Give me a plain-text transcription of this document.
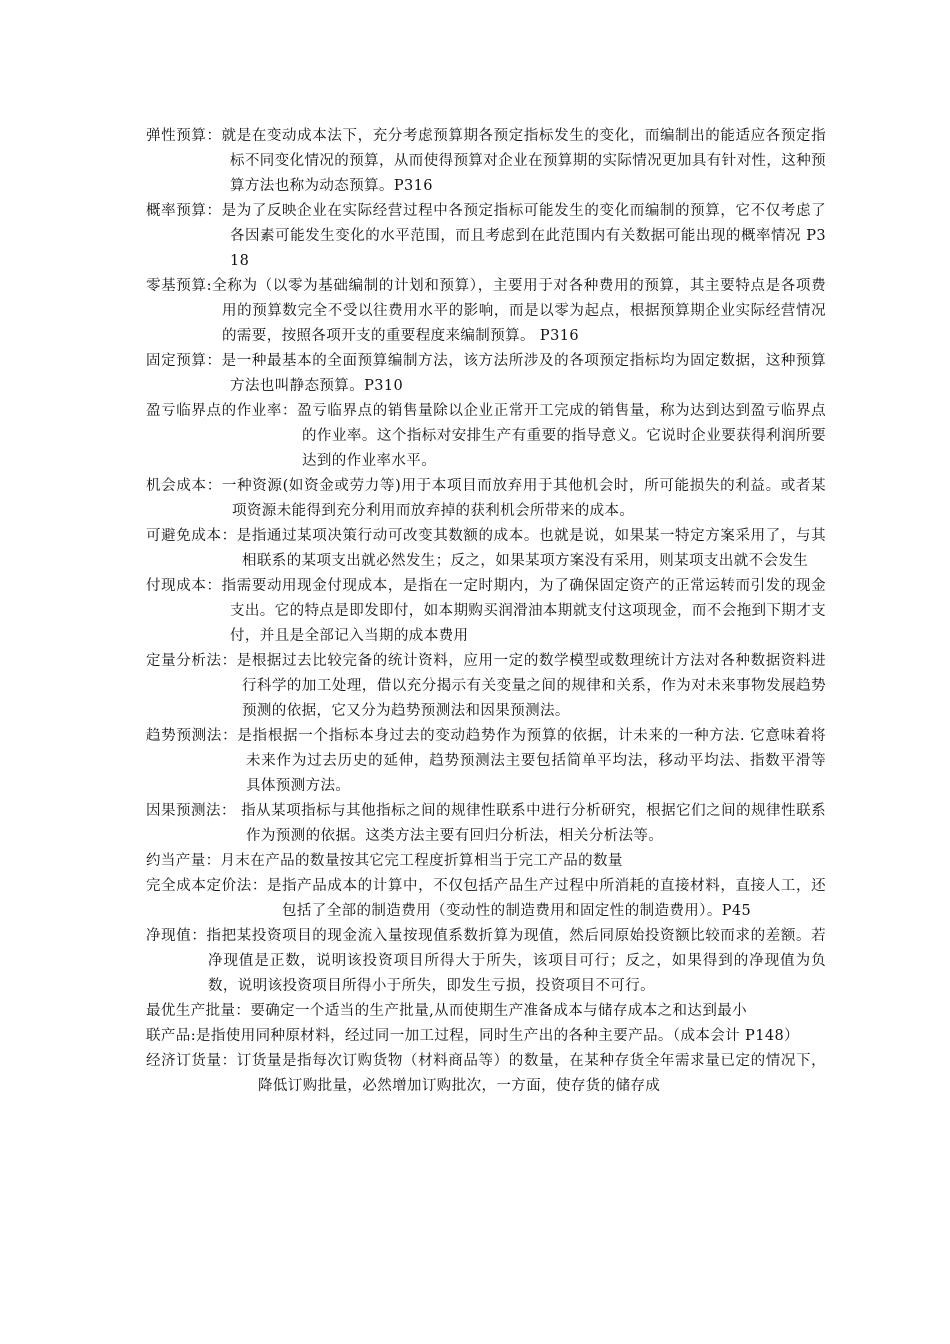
弹性预算：就是在变动成本法下，充分考虑预算期各预定指标发生的变化，而编制出的能适应各预定指标不同变化情况的预算，从而使得预算对企业在预算期的实际情况更加具有针对性，这种预算方法也称为动态预算。P316
概率预算：是为了反映企业在实际经营过程中各预定指标可能发生的变化而编制的预算，它不仅考虑了各因素可能发生变化的水平范围，而且考虑到在此范围内有关数据可能出现的概率情况 P318
零基预算:全称为（以零为基础编制的计划和预算），主要用于对各种费用的预算，其主要特点是各项费用的预算数完全不受以往费用水平的影响，而是以零为起点，根据预算期企业实际经营情况的需要，按照各项开支的重要程度来编制预算。 P316
固定预算：是一种最基本的全面预算编制方法，该方法所涉及的各项预定指标均为固定数据，这种预算方法也叫静态预算。P310
盈亏临界点的作业率：盈亏临界点的销售量除以企业正常开工完成的销售量，称为达到达到盈亏临界点的作业率。这个指标对安排生产有重要的指导意义。它说时企业要获得利润所要达到的作业率水平。
机会成本：一种资源(如资金或劳力等)用于本项目而放弃用于其他机会时，所可能损失的利益。或者某项资源未能得到充分利用而放弃掉的获利机会所带来的成本。
可避免成本：是指通过某项决策行动可改变其数额的成本。也就是说，如果某一特定方案采用了，与其相联系的某项支出就必然发生；反之，如果某项方案没有采用，则某项支出就不会发生
付现成本：指需要动用现金付现成本，是指在一定时期内，为了确保固定资产的正常运转而引发的现金支出。它的特点是即发即付，如本期购买润滑油本期就支付这项现金，而不会拖到下期才支付，并且是全部记入当期的成本费用
定量分析法：是根据过去比较完备的统计资料，应用一定的数学模型或数理统计方法对各种数据资料进行科学的加工处理，借以充分揭示有关变量之间的规律和关系，作为对未来事物发展趋势预测的依据，它又分为趋势预测法和因果预测法。
趋势预测法：是指根据一个指标本身过去的变动趋势作为预算的依据，计未来的一种方法. 它意味着将未来作为过去历史的延伸，趋势预测法主要包括简单平均法，移动平均法、指数平滑等具体预测方法。
因果预测法： 指从某项指标与其他指标之间的规律性联系中进行分析研究，根据它们之间的规律性联系作为预测的依据。这类方法主要有回归分析法，相关分析法等。
约当产量：月末在产品的数量按其它完工程度折算相当于完工产品的数量
完全成本定价法：是指产品成本的计算中，不仅包括产品生产过程中所消耗的直接材料，直接人工，还包括了全部的制造费用（变动性的制造费用和固定性的制造费用）。P45
净现值：指把某投资项目的现金流入量按现值系数折算为现值，然后同原始投资额比较而求的差额。若净现值是正数，说明该投资项目所得大于所失，该项目可行；反之，如果得到的净现值为负数，说明该投资项目所得小于所失，即发生亏损，投资项目不可行。
最优生产批量：要确定一个适当的生产批量,从而使期生产准备成本与储存成本之和达到最小
联产品:是指使用同种原材料，经过同一加工过程，同时生产出的各种主要产品。（成本会计 P148）
经济订货量：订货量是指每次订购货物（材料商品等）的数量，在某种存货全年需求量已定的情况下，降低订购批量，必然增加订购批次，一方面，使存货的储存成
